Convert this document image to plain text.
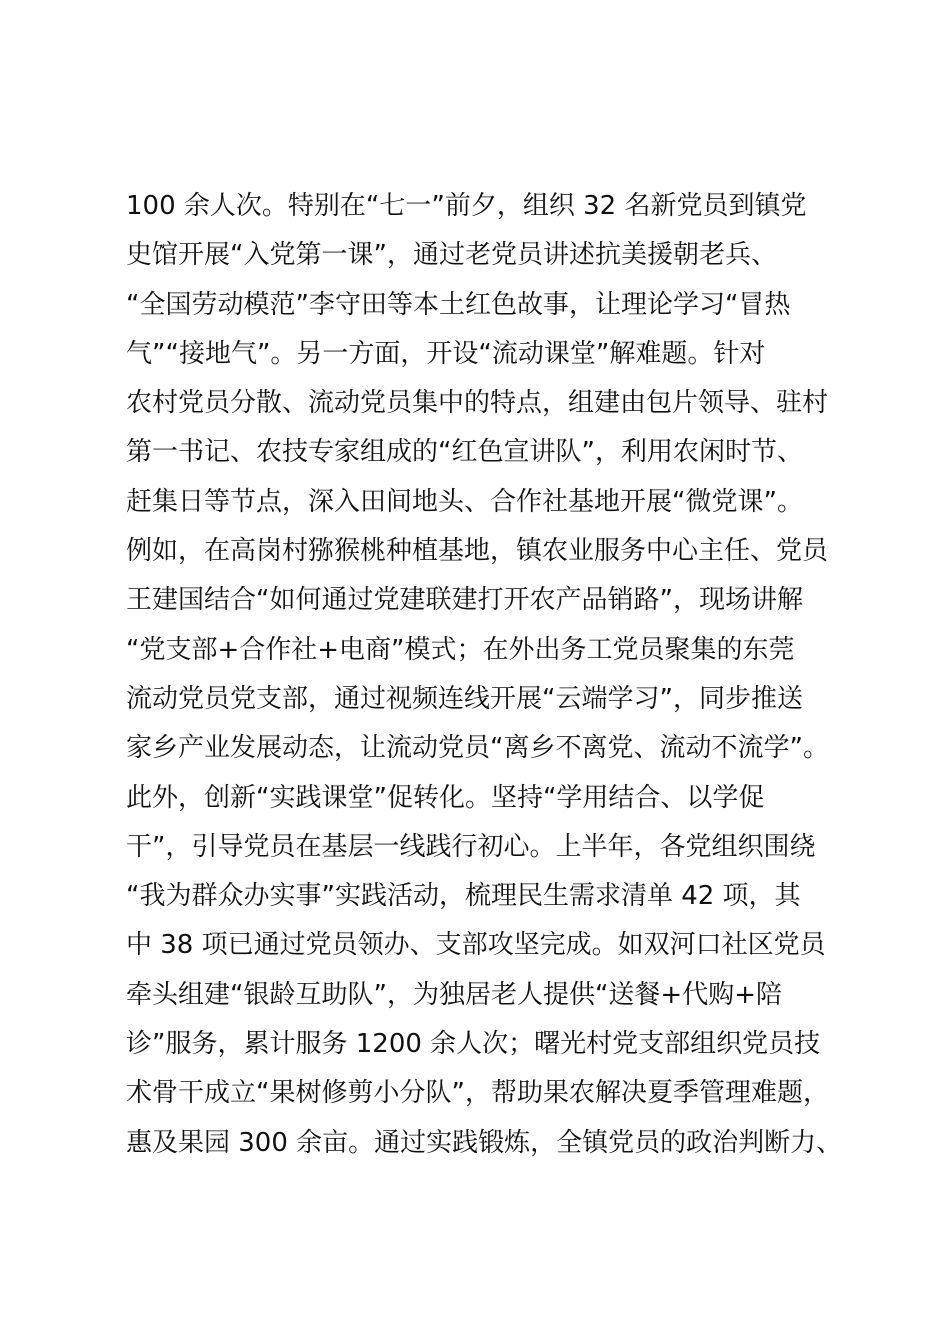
100 余人次。特别在“七一”前夕，组织 32 名新党员到镇党
史馆开展“入党第一课”，通过老党员讲述抗美援朝老兵、
“全国劳动模范”李守田等本土红色故事，让理论学习“冒热
气”“接地气”。另一方面，开设“流动课堂”解难题。针对
农村党员分散、流动党员集中的特点，组建由包片领导、驻村
第一书记、农技专家组成的“红色宣讲队”，利用农闲时节、
赶集日等节点，深入田间地头、合作社基地开展“微党课”。
例如，在高岗村猕猴桃种植基地，镇农业服务中心主任、党员
王建国结合“如何通过党建联建打开农产品销路”，现场讲解
“党支部+合作社+电商”模式；在外出务工党员聚集的东莞
流动党员党支部，通过视频连线开展“云端学习”，同步推送
家乡产业发展动态，让流动党员“离乡不离党、流动不流学”。
此外，创新“实践课堂”促转化。坚持“学用结合、以学促
干”，引导党员在基层一线践行初心。上半年，各党组织围绕
“我为群众办实事”实践活动，梳理民生需求清单 42 项，其
中 38 项已通过党员领办、支部攻坚完成。如双河口社区党员
牵头组建“银龄互助队”，为独居老人提供“送餐+代购+陪
诊”服务，累计服务 1200 余人次；曙光村党支部组织党员技
术骨干成立“果树修剪小分队”，帮助果农解决夏季管理难题，
惠及果园 300 余亩。通过实践锻炼，全镇党员的政治判断力、
